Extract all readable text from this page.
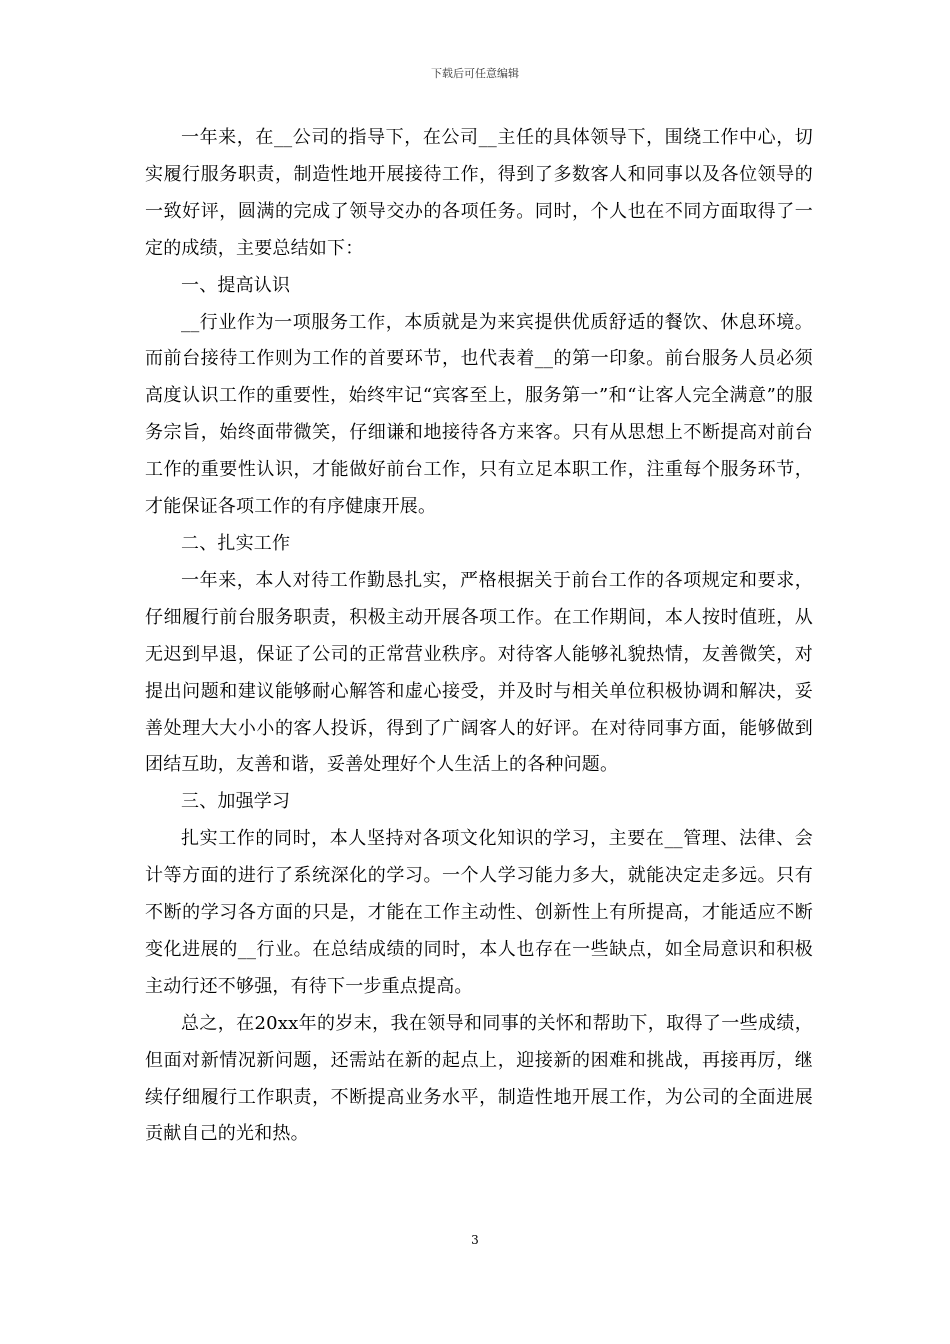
下载后可任意编辑

一年来，在__公司的指导下，在公司__主任的具体领导下，围绕工作中心，切实履行服务职责，制造性地开展接待工作，得到了多数客人和同事以及各位领导的一致好评，圆满的完成了领导交办的各项任务。同时，个人也在不同方面取得了一定的成绩，主要总结如下：

一、提高认识

__行业作为一项服务工作，本质就是为来宾提供优质舒适的餐饮、休息环境。而前台接待工作则为工作的首要环节，也代表着__的第一印象。前台服务人员必须高度认识工作的重要性，始终牢记“宾客至上，服务第一”和“让客人完全满意”的服务宗旨，始终面带微笑，仔细谦和地接待各方来客。只有从思想上不断提高对前台工作的重要性认识，才能做好前台工作，只有立足本职工作，注重每个服务环节，才能保证各项工作的有序健康开展。

二、扎实工作

一年来，本人对待工作勤恳扎实，严格根据关于前台工作的各项规定和要求，仔细履行前台服务职责，积极主动开展各项工作。在工作期间，本人按时值班，从无迟到早退，保证了公司的正常营业秩序。对待客人能够礼貌热情，友善微笑，对提出问题和建议能够耐心解答和虚心接受，并及时与相关单位积极协调和解决，妥善处理大大小小的客人投诉，得到了广阔客人的好评。在对待同事方面，能够做到团结互助，友善和谐，妥善处理好个人生活上的各种问题。

三、加强学习

扎实工作的同时，本人坚持对各项文化知识的学习，主要在__管理、法律、会计等方面的进行了系统深化的学习。一个人学习能力多大，就能决定走多远。只有不断的学习各方面的只是，才能在工作主动性、创新性上有所提高，才能适应不断变化进展的__行业。在总结成绩的同时，本人也存在一些缺点，如全局意识和积极主动行还不够强，有待下一步重点提高。

总之，在20xx年的岁末，我在领导和同事的关怀和帮助下，取得了一些成绩，但面对新情况新问题，还需站在新的起点上，迎接新的困难和挑战，再接再厉，继续仔细履行工作职责，不断提高业务水平，制造性地开展工作，为公司的全面进展贡献自己的光和热。

3
